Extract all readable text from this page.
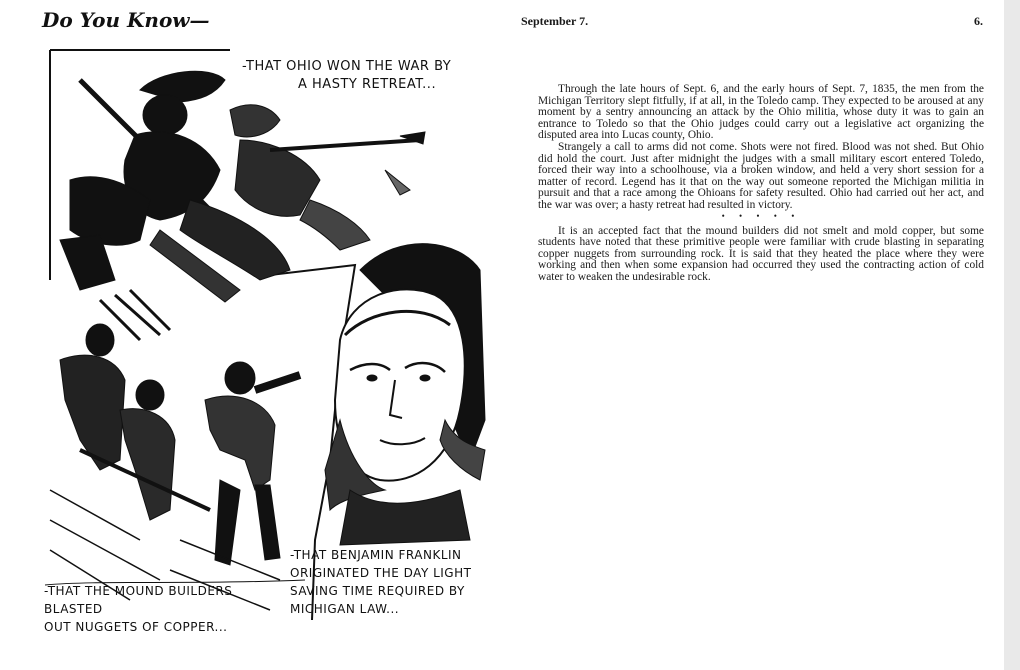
Do You Know—	September 7.	6.
-THAT OHIO WON THE WAR BY
A HASTY RETREAT...
-THAT THE MOUND BUILDERS BLASTED
OUT NUGGETS OF COPPER...
-THAT BENJAMIN FRANKLIN
ORIGINATED THE DAY LIGHT
SAVING TIME REQUIRED BY
MICHIGAN LAW...

Through the late hours of Sept. 6, and the early hours of Sept. 7, 1835, the men from the Michigan Territory slept fitfully, if at all, in the Toledo camp. They expected to be aroused at any moment by a sentry announcing an attack by the Ohio militia, whose duty it was to gain an entrance to Toledo so that the Ohio judges could carry out a legislative act organizing the disputed area into Lucas county, Ohio.

Strangely a call to arms did not come. Shots were not fired. Blood was not shed. But Ohio did hold the court. Just after midnight the judges with a small military escort entered Toledo, forced their way into a schoolhouse, via a broken window, and held a very short session for a matter of record. Legend has it that on the way out someone reported the Michigan militia in pursuit and that a race among the Ohioans for safety resulted. Ohio had carried out her act, and the war was over; a hasty retreat had resulted in victory.

• • • • •

It is an accepted fact that the mound builders did not smelt and mold copper, but some students have noted that these primitive people were familiar with crude blasting in separating copper nuggets from surrounding rock. It is said that they heated the place where they were working and then when some expansion had occurred they used the contracting action of cold water to weaken the undesirable rock.
